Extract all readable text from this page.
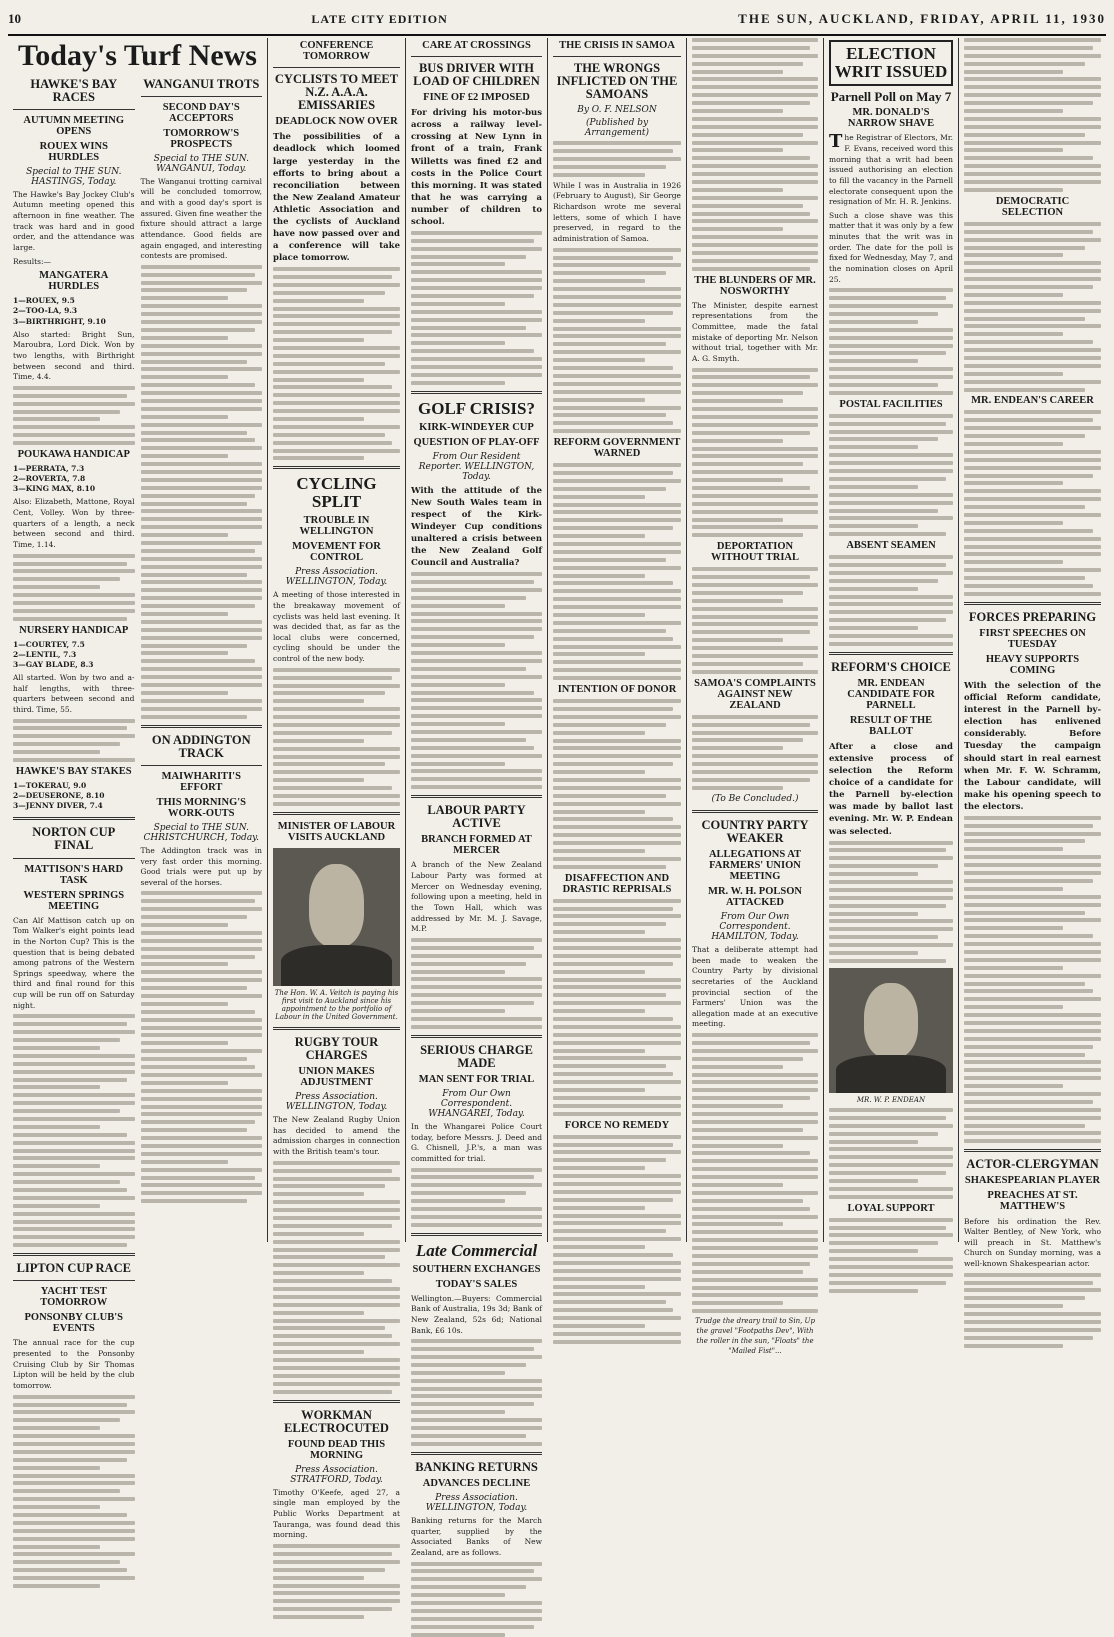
10	LATE CITY EDITION	THE SUN, AUCKLAND, FRIDAY, APRIL 11, 1930
Today's Turf News
HAWKE'S BAY RACES
AUTUMN MEETING OPENS
ROUEX WINS HURDLES
Special to THE SUN. HASTINGS, Today.

The Hawke's Bay Jockey Club's Autumn meeting opened this afternoon in fine weather. The track was hard and in good order, and the attendance was large.

Results:—

MANGATERA HURDLES
1—ROUEX, 9.5
2—TOO-LA, 9.3
3—BIRTHRIGHT, 9.10

Also started: Bright Sun, Maroubra, Lord Dick. Won by two lengths, with Birthright between second and third. Time, 4.4.

POUKAWA HANDICAP
1—PERRATA, 7.3
2—ROVERTA, 7.8
3—KING MAX, 8.10

Also: Elizabeth, Mattone, Royal Cent, Volley. Won by three-quarters of a length, a neck between second and third. Time, 1.14.

NURSERY HANDICAP
1—COURTEY, 7.5
2—LENTIL, 7.3
3—GAY BLADE, 8.3

All started. Won by two and a-half lengths, with three-quarters between second and third. Time, 55.

HAWKE'S BAY STAKES
1—TOKERAU, 9.0
2—DEUSERONE, 8.10
3—JENNY DIVER, 7.4
NORTON CUP FINAL
MATTISON'S HARD TASK
WESTERN SPRINGS MEETING

Can Alf Mattison catch up on Tom Walker's eight points lead in the Norton Cup? This is the question that is being debated among patrons of the Western Springs speedway, where the third and final round for this cup will be run off on Saturday night.

LIPTON CUP RACE
YACHT TEST TOMORROW
PONSONBY CLUB'S EVENTS

The annual race for the cup presented to the Ponsonby Cruising Club by Sir Thomas Lipton will be held by the club tomorrow.

WANGANUI TROTS
SECOND DAY'S ACCEPTORS
TOMORROW'S PROSPECTS
Special to THE SUN. WANGANUI, Today.

The Wanganui trotting carnival will be concluded tomorrow, and with a good day's sport is assured. Given fine weather the fixture should attract a large attendance. Good fields are again engaged, and interesting contests are promised.

ON ADDINGTON TRACK
MAIWHARITI'S EFFORT
THIS MORNING'S WORK-OUTS
Special to THE SUN. CHRISTCHURCH, Today.

The Addington track was in very fast order this morning. Good trials were put up by several of the horses.

CONFERENCE TOMORROW
CYCLISTS TO MEET N.Z. A.A.A. EMISSARIES
DEADLOCK NOW OVER

The possibilities of a deadlock which loomed large yesterday in the efforts to bring about a reconciliation between the New Zealand Amateur Athletic Association and the cyclists of Auckland have now passed over and a conference will take place tomorrow.

CYCLING SPLIT
TROUBLE IN WELLINGTON
MOVEMENT FOR CONTROL
Press Association. WELLINGTON, Today.

A meeting of those interested in the breakaway movement of cyclists was held last evening. It was decided that, as far as the local clubs were concerned, cycling should be under the control of the new body.

MINISTER OF LABOUR VISITS AUCKLAND
The Hon. W. A. Veitch is paying his first visit to Auckland since his appointment to the portfolio of Labour in the United Government.
RUGBY TOUR CHARGES
UNION MAKES ADJUSTMENT
Press Association. WELLINGTON, Today.

The New Zealand Rugby Union has decided to amend the admission charges in connection with the British team's tour.

WORKMAN ELECTROCUTED
FOUND DEAD THIS MORNING
Press Association. STRATFORD, Today.

Timothy O'Keefe, aged 27, a single man employed by the Public Works Department at Tauranga, was found dead this morning.

CARE AT CROSSINGS
BUS DRIVER WITH LOAD OF CHILDREN
FINE OF £2 IMPOSED

For driving his motor-bus across a railway level-crossing at New Lynn in front of a train, Frank Willetts was fined £2 and costs in the Police Court this morning. It was stated that he was carrying a number of children to school.

GOLF CRISIS?
KIRK-WINDEYER CUP
QUESTION OF PLAY-OFF
From Our Resident Reporter. WELLINGTON, Today.

With the attitude of the New South Wales team in respect of the Kirk-Windeyer Cup conditions unaltered a crisis between the New Zealand Golf Council and Australia?

LABOUR PARTY ACTIVE
BRANCH FORMED AT MERCER

A branch of the New Zealand Labour Party was formed at Mercer on Wednesday evening, following upon a meeting, held in the Town Hall, which was addressed by Mr. M. J. Savage, M.P.

SERIOUS CHARGE MADE
MAN SENT FOR TRIAL
From Our Own Correspondent. WHANGAREI, Today.

In the Whangarei Police Court today, before Messrs. J. Deed and G. Chisnell, J.P.'s, a man was committed for trial.

Late Commercial
SOUTHERN EXCHANGES
TODAY'S SALES

Wellington.—Buyers: Commercial Bank of Australia, 19s 3d; Bank of New Zealand, 52s 6d; National Bank, £6 10s.

BANKING RETURNS
ADVANCES DECLINE
Press Association. WELLINGTON, Today.

Banking returns for the March quarter, supplied by the Associated Banks of New Zealand, are as follows.

THE CRISIS IN SAMOA
THE WRONGS INFLICTED ON THE SAMOANS
By O. F. NELSON
(Published by Arrangement)

While I was in Australia in 1926 (February to August), Sir George Richardson wrote me several letters, some of which I have preserved, in regard to the administration of Samoa.

REFORM GOVERNMENT WARNED
INTENTION OF DONOR
DISAFFECTION AND DRASTIC REPRISALS
FORCE NO REMEDY
THE BLUNDERS OF MR. NOSWORTHY

The Minister, despite earnest representations from the Committee, made the fatal mistake of deporting Mr. Nelson without trial, together with Mr. A. G. Smyth.

DEPORTATION WITHOUT TRIAL
SAMOA'S COMPLAINTS AGAINST NEW ZEALAND
(To Be Concluded.)
COUNTRY PARTY WEAKER
ALLEGATIONS AT FARMERS' UNION MEETING
MR. W. H. POLSON ATTACKED
From Our Own Correspondent. HAMILTON, Today.

That a deliberate attempt had been made to weaken the Country Party by divisional secretaries of the Auckland provincial section of the Farmers' Union was the allegation made at an executive meeting.

Trudge the dreary trail to Sin, Up the gravel "Footpaths Dev", With the roller in the sun, "Floats" the "Mailed Fist"...
ELECTION WRIT ISSUED
Parnell Poll on May 7
MR. DONALD'S NARROW SHAVE

The Registrar of Electors, Mr. F. Evans, received word this morning that a writ had been issued authorising an election to fill the vacancy in the Parnell electorate consequent upon the resignation of Mr. H. R. Jenkins.

Such a close shave was this matter that it was only by a few minutes that the writ was in order. The date for the poll is fixed for Wednesday, May 7, and the nomination closes on April 25.

POSTAL FACILITIES
ABSENT SEAMEN
REFORM'S CHOICE
MR. ENDEAN CANDIDATE FOR PARNELL
RESULT OF THE BALLOT

After a close and extensive process of selection the Reform choice of a candidate for the Parnell by-election was made by ballot last evening. Mr. W. P. Endean was selected.

MR. W. P. ENDEAN
LOYAL SUPPORT
DEMOCRATIC SELECTION
MR. ENDEAN'S CAREER
FORCES PREPARING
FIRST SPEECHES ON TUESDAY
HEAVY SUPPORTS COMING

With the selection of the official Reform candidate, interest in the Parnell by-election has enlivened considerably. Before Tuesday the campaign should start in real earnest when Mr. F. W. Schramm, the Labour candidate, will make his opening speech to the electors.

ACTOR-CLERGYMAN
SHAKESPEARIAN PLAYER
PREACHES AT ST. MATTHEW'S

Before his ordination the Rev. Walter Bentley, of New York, who will preach in St. Matthew's Church on Sunday morning, was a well-known Shakespearian actor.
